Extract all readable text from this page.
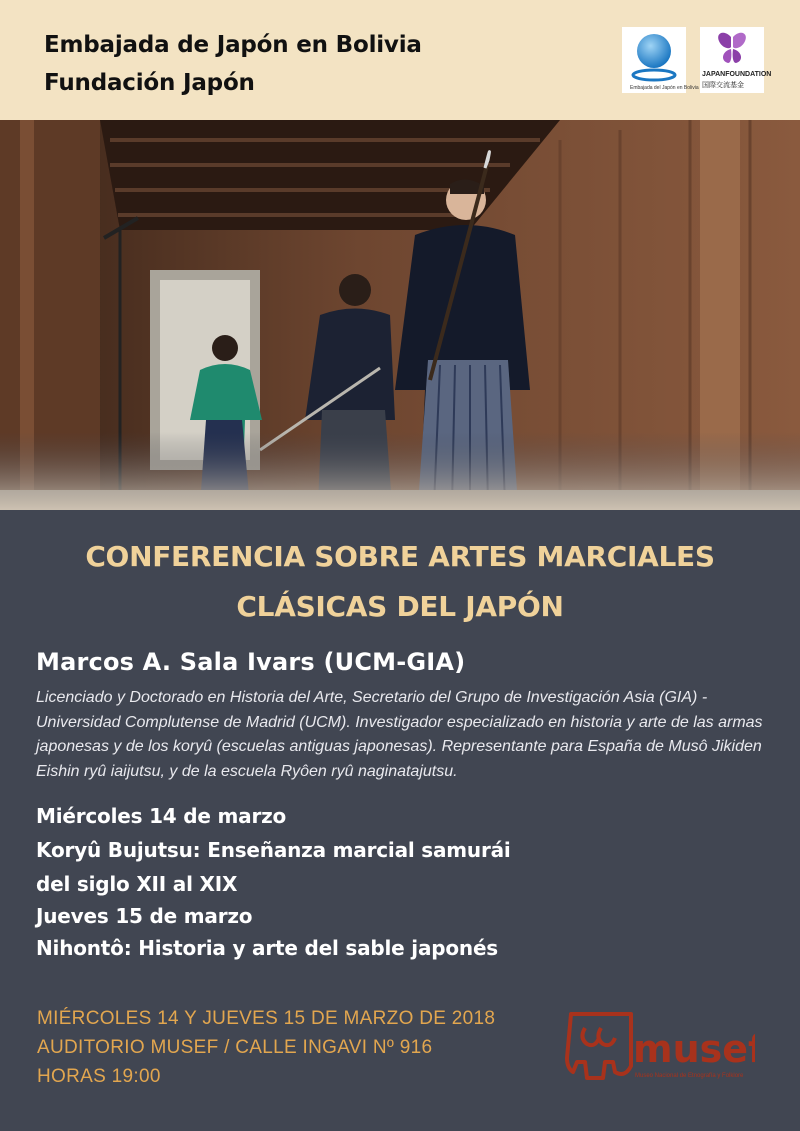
Embajada de Japón en Bolivia
Fundación Japón	Embajada del Japón en Bolivia
JAPANFOUNDATION
国際交流基金
CONFERENCIA SOBRE ARTES MARCIALES
CLÁSICAS DEL JAPÓN
Marcos A. Sala Ivars (UCM-GIA)
Licenciado y Doctorado en Historia del Arte, Secretario del Grupo de Investigación Asia (GIA) - Universidad Complutense de Madrid (UCM). Investigador especializado en historia y arte de las armas japonesas y de los koryû (escuelas antiguas japonesas). Representante para España de Musô Jikiden Eishin ryû iaijutsu, y de la escuela Ryôen ryû naginatajutsu.
Miércoles 14 de marzo
Koryû Bujutsu: Enseñanza marcial samurái
del siglo XII al XIX
Jueves 15 de marzo
Nihontô: Historia y arte del sable japonés
MIÉRCOLES 14 Y JUEVES 15 DE MARZO DE 2018
AUDITORIO MUSEF / CALLE INGAVI Nº 916
HORAS 19:00
musef
Museo Nacional de Etnografía y Folklore
